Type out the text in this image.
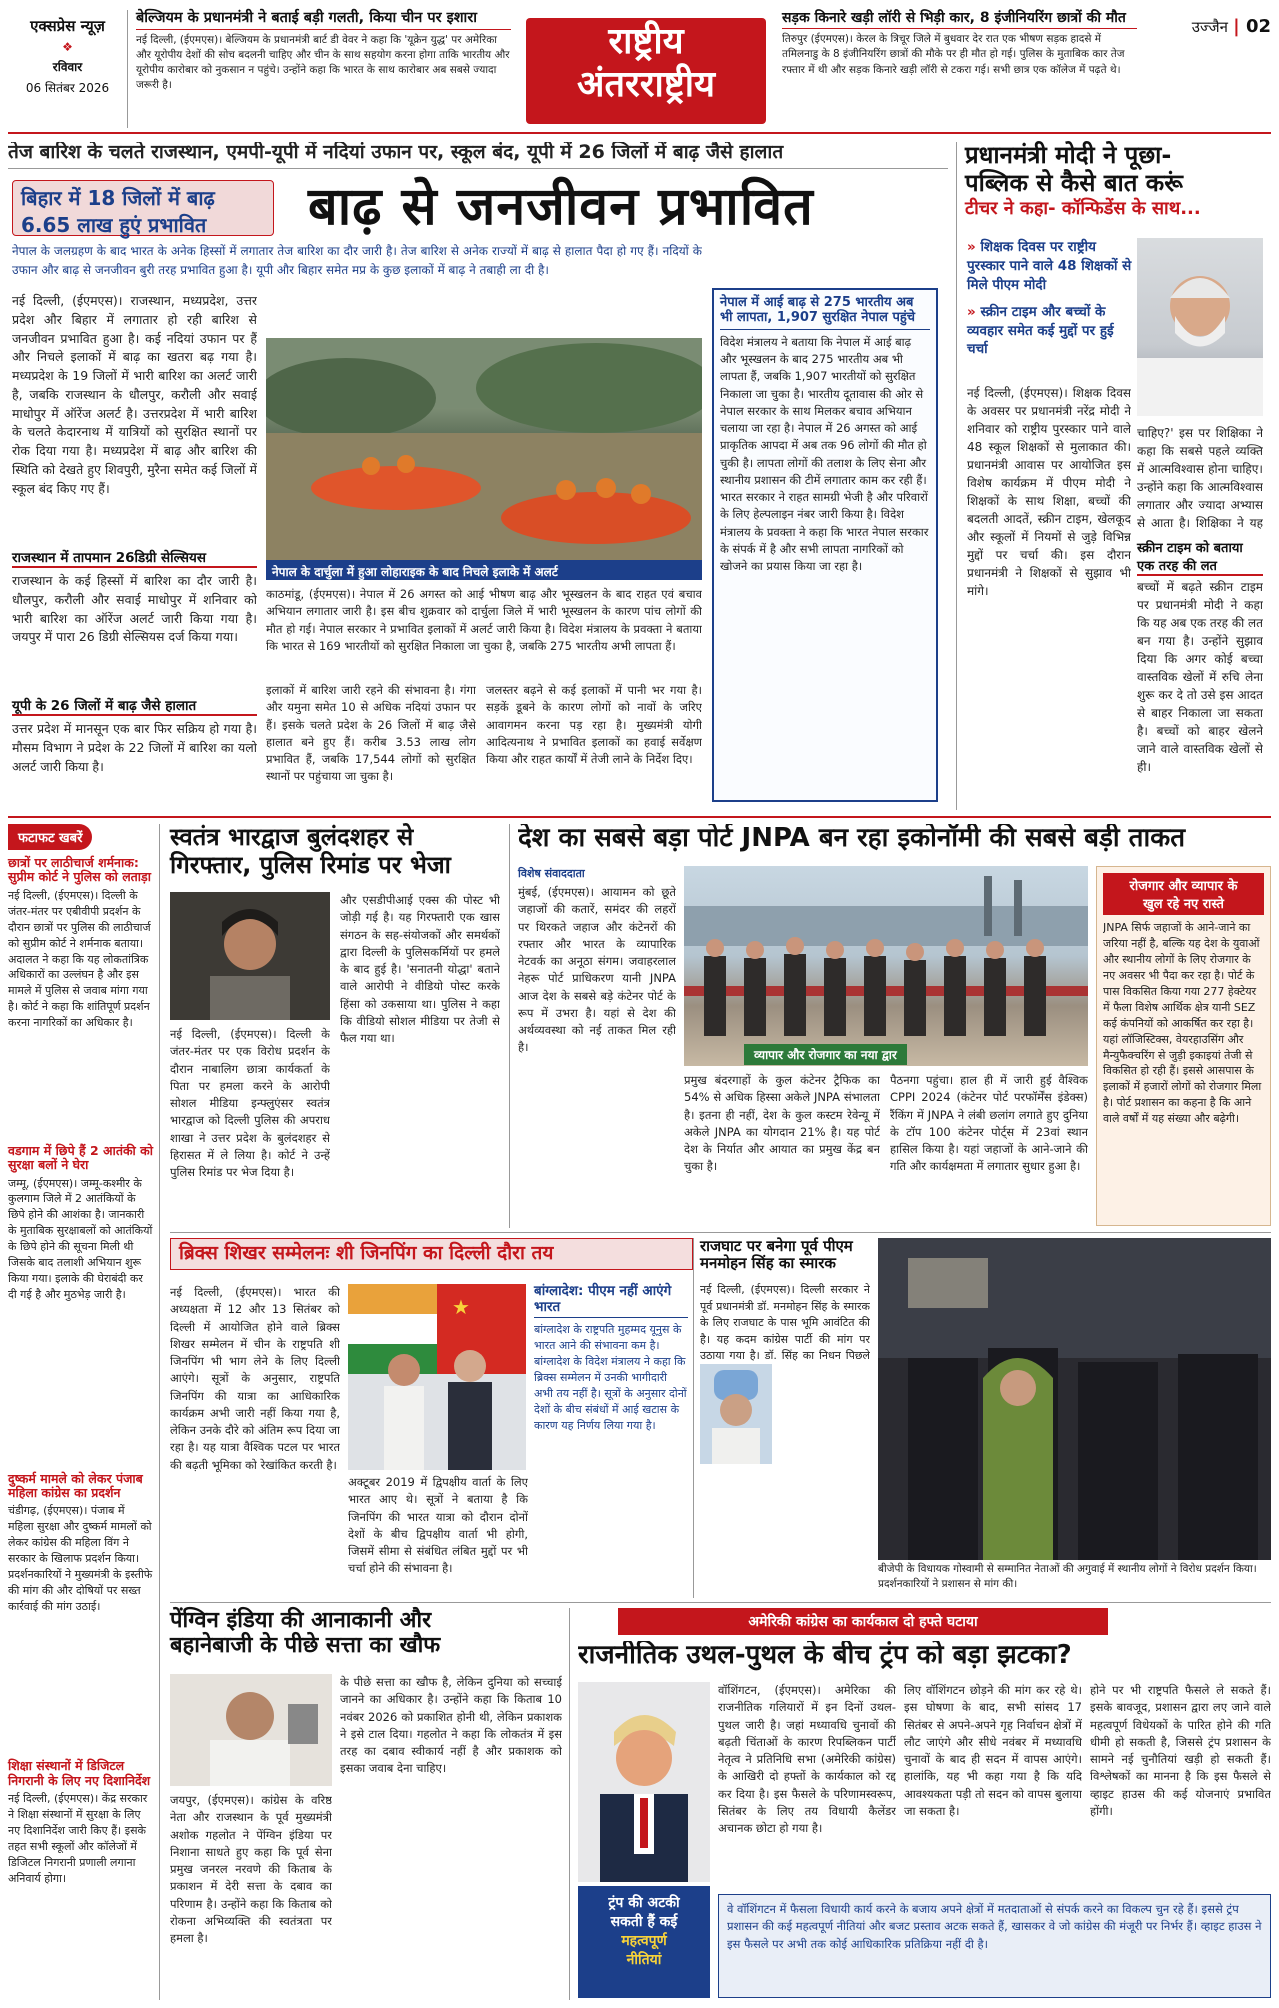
एक्सप्रेस न्यूज़
❖
रविवार
06 सितंबर 2026
बेल्जियम के प्रधानमंत्री ने बताई बड़ी गलती, किया चीन पर इशारा
नई दिल्ली, (ईएमएस)। बेल्जियम के प्रधानमंत्री बार्ट डी वेवर ने कहा कि 'यूक्रेन युद्ध' पर अमेरिका और यूरोपीय देशों की सोच बदलनी चाहिए और चीन के साथ सहयोग करना होगा ताकि भारतीय और यूरोपीय कारोबार को नुकसान न पहुंचे। उन्होंने कहा कि भारत के साथ कारोबार अब सबसे ज्यादा जरूरी है।
राष्ट्रीय
अंतरराष्ट्रीय
सड़क किनारे खड़ी लॉरी से भिड़ी कार, 8 इंजीनियरिंग छात्रों की मौत
तिरुपुर (ईएमएस)। केरल के त्रिचूर जिले में बुधवार देर रात एक भीषण सड़क हादसे में तमिलनाडु के 8 इंजीनियरिंग छात्रों की मौके पर ही मौत हो गई। पुलिस के मुताबिक कार तेज रफ्तार में थी और सड़क किनारे खड़ी लॉरी से टकरा गई। सभी छात्र एक कॉलेज में पढ़ते थे।
उज्जैन | 02
तेज बारिश के चलते राजस्थान, एमपी-यूपी में नदियां उफान पर, स्कूल बंद, यूपी में 26 जिलों में बाढ़ जैसे हालात
बिहार में 18 जिलों में बाढ़
6.65 लाख हुएं प्रभावित	बाढ़ से जनजीवन प्रभावित
नेपाल के जलग्रहण के बाद भारत के अनेक हिस्सों में लगातार तेज बारिश का दौर जारी है। तेज बारिश से अनेक राज्यों में बाढ़ से हालात पैदा हो गए हैं। नदियों के उफान और बाढ़ से जनजीवन बुरी तरह प्रभावित हुआ है। यूपी और बिहार समेत मप्र के कुछ इलाकों में बाढ़ ने तबाही ला दी है।
नई दिल्ली, (ईएमएस)। राजस्थान, मध्यप्रदेश, उत्तर प्रदेश और बिहार में लगातार हो रही बारिश से जनजीवन प्रभावित हुआ है। कई नदियां उफान पर हैं और निचले इलाकों में बाढ़ का खतरा बढ़ गया है। मध्यप्रदेश के 19 जिलों में भारी बारिश का अलर्ट जारी है, जबकि राजस्थान के धौलपुर, करौली और सवाई माधोपुर में ऑरेंज अलर्ट है। उत्तरप्रदेश में भारी बारिश के चलते केदारनाथ में यात्रियों को सुरक्षित स्थानों पर रोक दिया गया है। मध्यप्रदेश में बाढ़ और बारिश की स्थिति को देखते हुए शिवपुरी, मुरैना समेत कई जिलों में स्कूल बंद किए गए हैं।
राजस्थान में तापमान 26डिग्री सेल्सियस
राजस्थान के कई हिस्सों में बारिश का दौर जारी है। धौलपुर, करौली और सवाई माधोपुर में शनिवार को भारी बारिश का ऑरेंज अलर्ट जारी किया गया है। जयपुर में पारा 26 डिग्री सेल्सियस दर्ज किया गया।
यूपी के 26 जिलों में बाढ़ जैसे हालात
उत्तर प्रदेश में मानसून एक बार फिर सक्रिय हो गया है। मौसम विभाग ने प्रदेश के 22 जिलों में बारिश का यलो अलर्ट जारी किया है।
नेपाल के दार्चुला में हुआ लोहाराइक के बाद निचले इलाके में अलर्ट
काठमांडू, (ईएमएस)। नेपाल में 26 अगस्त को आई भीषण बाढ़ और भूस्खलन के बाद राहत एवं बचाव अभियान लगातार जारी है। इस बीच शुक्रवार को दार्चुला जिले में भारी भूस्खलन के कारण पांच लोगों की मौत हो गई। नेपाल सरकार ने प्रभावित इलाकों में अलर्ट जारी किया है। विदेश मंत्रालय के प्रवक्ता ने बताया कि भारत से 169 भारतीयों को सुरक्षित निकाला जा चुका है, जबकि 275 भारतीय अभी लापता हैं।
इलाकों में बारिश जारी रहने की संभावना है। गंगा और यमुना समेत 10 से अधिक नदियां उफान पर हैं। इसके चलते प्रदेश के 26 जिलों में बाढ़ जैसे हालात बने हुए हैं। करीब 3.53 लाख लोग प्रभावित हैं, जबकि 17,544 लोगों को सुरक्षित स्थानों पर पहुंचाया जा चुका है।
जलस्तर बढ़ने से कई इलाकों में पानी भर गया है। सड़कें डूबने के कारण लोगों को नावों के जरिए आवागमन करना पड़ रहा है। मुख्यमंत्री योगी आदित्यनाथ ने प्रभावित इलाकों का हवाई सर्वेक्षण किया और राहत कार्यों में तेजी लाने के निर्देश दिए।
नेपाल में आई बाढ़ से 275 भारतीय अब भी लापता, 1,907 सुरक्षित नेपाल पहुंचे
विदेश मंत्रालय ने बताया कि नेपाल में आई बाढ़ और भूस्खलन के बाद 275 भारतीय अब भी लापता हैं, जबकि 1,907 भारतीयों को सुरक्षित निकाला जा चुका है। भारतीय दूतावास की ओर से नेपाल सरकार के साथ मिलकर बचाव अभियान चलाया जा रहा है। नेपाल में 26 अगस्त को आई प्राकृतिक आपदा में अब तक 96 लोगों की मौत हो चुकी है। लापता लोगों की तलाश के लिए सेना और स्थानीय प्रशासन की टीमें लगातार काम कर रही हैं। भारत सरकार ने राहत सामग्री भेजी है और परिवारों के लिए हेल्पलाइन नंबर जारी किया है। विदेश मंत्रालय के प्रवक्ता ने कहा कि भारत नेपाल सरकार के संपर्क में है और सभी लापता नागरिकों को खोजने का प्रयास किया जा रहा है।
प्रधानमंत्री मोदी ने पूछा-
पब्लिक से कैसे बात करूं
टीचर ने कहा- कॉन्फिडेंस के साथ...
» शिक्षक दिवस पर राष्ट्रीय पुरस्कार पाने वाले 48 शिक्षकों से मिले पीएम मोदी
» स्क्रीन टाइम और बच्चों के व्यवहार समेत कई मुद्दों पर हुई चर्चा
नई दिल्ली, (ईएमएस)। शिक्षक दिवस के अवसर पर प्रधानमंत्री नरेंद्र मोदी ने शनिवार को राष्ट्रीय पुरस्कार पाने वाले 48 स्कूल शिक्षकों से मुलाकात की। प्रधानमंत्री आवास पर आयोजित इस विशेष कार्यक्रम में पीएम मोदी ने शिक्षकों के साथ शिक्षा, बच्चों की बदलती आदतें, स्क्रीन टाइम, खेलकूद और स्कूलों में नियमों से जुड़े विभिन्न मुद्दों पर चर्चा की। इस दौरान प्रधानमंत्री ने शिक्षकों से सुझाव भी मांगे।
चाहिए?' इस पर शिक्षिका ने कहा कि सबसे पहले व्यक्ति में आत्मविश्वास होना चाहिए। उन्होंने कहा कि आत्मविश्वास लगातार और ज्यादा अभ्यास से आता है। शिक्षिका ने यह
स्क्रीन टाइम को बताया एक तरह की लत
बच्चों में बढ़ते स्क्रीन टाइम पर प्रधानमंत्री मोदी ने कहा कि यह अब एक तरह की लत बन गया है। उन्होंने सुझाव दिया कि अगर कोई बच्चा वास्तविक खेलों में रुचि लेना शुरू कर दे तो उसे इस आदत से बाहर निकाला जा सकता है। बच्चों को बाहर खेलने जाने वाले वास्तविक खेलों से ही।
फटाफट खबरें
छात्रों पर लाठीचार्ज शर्मनाक: सुप्रीम कोर्ट ने पुलिस को लताड़ा
नई दिल्ली, (ईएमएस)। दिल्ली के जंतर-मंतर पर एबीवीपी प्रदर्शन के दौरान छात्रों पर पुलिस की लाठीचार्ज को सुप्रीम कोर्ट ने शर्मनाक बताया। अदालत ने कहा कि यह लोकतांत्रिक अधिकारों का उल्लंघन है और इस मामले में पुलिस से जवाब मांगा गया है। कोर्ट ने कहा कि शांतिपूर्ण प्रदर्शन करना नागरिकों का अधिकार है।
वडगाम में छिपे हैं 2 आतंकी को सुरक्षा बलों ने घेरा
जम्मू, (ईएमएस)। जम्मू-कश्मीर के कुलगाम जिले में 2 आतंकियों के छिपे होने की आशंका है। जानकारी के मुताबिक सुरक्षाबलों को आतंकियों के छिपे होने की सूचना मिली थी जिसके बाद तलाशी अभियान शुरू किया गया। इलाके की घेराबंदी कर दी गई है और मुठभेड़ जारी है।
दुष्कर्म मामले को लेकर पंजाब महिला कांग्रेस का प्रदर्शन
चंडीगढ़, (ईएमएस)। पंजाब में महिला सुरक्षा और दुष्कर्म मामलों को लेकर कांग्रेस की महिला विंग ने सरकार के खिलाफ प्रदर्शन किया। प्रदर्शनकारियों ने मुख्यमंत्री के इस्तीफे की मांग की और दोषियों पर सख्त कार्रवाई की मांग उठाई।
शिक्षा संस्थानों में डिजिटल निगरानी के लिए नए दिशानिर्देश
नई दिल्ली, (ईएमएस)। केंद्र सरकार ने शिक्षा संस्थानों में सुरक्षा के लिए नए दिशानिर्देश जारी किए हैं। इसके तहत सभी स्कूलों और कॉलेजों में डिजिटल निगरानी प्रणाली लगाना अनिवार्य होगा।
स्वतंत्र भारद्वाज बुलंदशहर से गिरफ्तार, पुलिस रिमांड पर भेजा
नई दिल्ली, (ईएमएस)। दिल्ली के जंतर-मंतर पर एक विरोध प्रदर्शन के दौरान नाबालिग छात्रा कार्यकर्ता के पिता पर हमला करने के आरोपी सोशल मीडिया इन्फ्लुएंसर स्वतंत्र भारद्वाज को दिल्ली पुलिस की अपराध शाखा ने उत्तर प्रदेश के बुलंदशहर से हिरासत में ले लिया है। कोर्ट ने उन्हें पुलिस रिमांड पर भेज दिया है।
और एसडीपीआई एक्स की पोस्ट भी जोड़ी गई है। यह गिरफ्तारी एक खास संगठन के सह-संयोजकों और समर्थकों द्वारा दिल्ली के पुलिसकर्मियों पर हमले के बाद हुई है। 'सनातनी योद्धा' बताने वाले आरोपी ने वीडियो पोस्ट करके हिंसा को उकसाया था। पुलिस ने कहा कि वीडियो सोशल मीडिया पर तेजी से फैल गया था।
देश का सबसे बड़ा पोर्ट JNPA बन रहा इकोनॉमी की सबसे बड़ी ताकत
विशेष संवाददाता
मुंबई, (ईएमएस)। आयामन को छूते जहाजों की कतारें, समंदर की लहरों पर थिरकते जहाज और कंटेनरों की रफ्तार और भारत के व्यापारिक नेटवर्क का अनूठा संगम। जवाहरलाल नेहरू पोर्ट प्राधिकरण यानी JNPA आज देश के सबसे बड़े कंटेनर पोर्ट के रूप में उभरा है। यहां से देश की अर्थव्यवस्था को नई ताकत मिल रही है।
व्यापार और रोजगार का नया द्वार
प्रमुख बंदरगाहों के कुल कंटेनर ट्रैफिक का 54% से अधिक हिस्सा अकेले JNPA संभालता है। इतना ही नहीं, देश के कुल कस्टम रेवेन्यू में अकेले JNPA का योगदान 21% है। यह पोर्ट देश के निर्यात और आयात का प्रमुख केंद्र बन चुका है।
पैठनगा पहुंचा। हाल ही में जारी हुई वैश्विक CPPI 2024 (कंटेनर पोर्ट परफॉर्मेंस इंडेक्स) रैंकिंग में JNPA ने लंबी छलांग लगाते हुए दुनिया के टॉप 100 कंटेनर पोर्ट्स में 23वां स्थान हासिल किया है। यहां जहाजों के आने-जाने की गति और कार्यक्षमता में लगातार सुधार हुआ है।
रोजगार और व्यापार के
खुल रहे नए रास्ते
JNPA सिर्फ जहाजों के आने-जाने का जरिया नहीं है, बल्कि यह देश के युवाओं और स्थानीय लोगों के लिए रोजगार के नए अवसर भी पैदा कर रहा है। पोर्ट के पास विकसित किया गया 277 हेक्टेयर में फैला विशेष आर्थिक क्षेत्र यानी SEZ कई कंपनियों को आकर्षित कर रहा है। यहां लॉजिस्टिक्स, वेयरहाउसिंग और मैन्युफैक्चरिंग से जुड़ी इकाइयां तेजी से विकसित हो रही हैं। इससे आसपास के इलाकों में हजारों लोगों को रोजगार मिला है। पोर्ट प्रशासन का कहना है कि आने वाले वर्षों में यह संख्या और बढ़ेगी।
ब्रिक्स शिखर सम्मेलनः शी जिनपिंग का दिल्ली दौरा तय
नई दिल्ली, (ईएमएस)। भारत की अध्यक्षता में 12 और 13 सितंबर को दिल्ली में आयोजित होने वाले ब्रिक्स शिखर सम्मेलन में चीन के राष्ट्रपति शी जिनपिंग भी भाग लेने के लिए दिल्ली आएंगे। सूत्रों के अनुसार, राष्ट्रपति जिनपिंग की यात्रा का आधिकारिक कार्यक्रम अभी जारी नहीं किया गया है, लेकिन उनके दौरे को अंतिम रूप दिया जा रहा है। यह यात्रा वैश्विक पटल पर भारत की बढ़ती भूमिका को रेखांकित करती है।
★
अक्टूबर 2019 में द्विपक्षीय वार्ता के लिए भारत आए थे। सूत्रों ने बताया है कि जिनपिंग की भारत यात्रा को दौरान दोनों देशों के बीच द्विपक्षीय वार्ता भी होगी, जिसमें सीमा से संबंधित लंबित मुद्दों पर भी चर्चा होने की संभावना है।
बांग्लादेश: पीएम नहीं आएंगे भारत
बांग्लादेश के राष्ट्रपति मुहम्मद यूनुस के भारत आने की संभावना कम है। बांग्लादेश के विदेश मंत्रालय ने कहा कि ब्रिक्स सम्मेलन में उनकी भागीदारी अभी तय नहीं है। सूत्रों के अनुसार दोनों देशों के बीच संबंधों में आई खटास के कारण यह निर्णय लिया गया है।
राजघाट पर बनेगा पूर्व पीएम मनमोहन सिंह का स्मारक
नई दिल्ली, (ईएमएस)। दिल्ली सरकार ने पूर्व प्रधानमंत्री डॉ. मनमोहन सिंह के स्मारक के लिए राजघाट के पास भूमि आवंटित की है। यह कदम कांग्रेस पार्टी की मांग पर उठाया गया है। डॉ. सिंह का निधन पिछले
बीजेपी के विधायक गोस्वामी से सम्मानित नेताओं की अगुवाई में स्थानीय लोगों ने विरोध प्रदर्शन किया। प्रदर्शनकारियों ने प्रशासन से मांग की।
पेंग्विन इंडिया की आनाकानी और
बहानेबाजी के पीछे सत्ता का खौफ
जयपुर, (ईएमएस)। कांग्रेस के वरिष्ठ नेता और राजस्थान के पूर्व मुख्यमंत्री अशोक गहलोत ने पेंग्विन इंडिया पर निशाना साधते हुए कहा कि पूर्व सेना प्रमुख जनरल नरवणे की किताब के प्रकाशन में देरी सत्ता के दबाव का परिणाम है। उन्होंने कहा कि किताब को रोकना अभिव्यक्ति की स्वतंत्रता पर हमला है।
के पीछे सत्ता का खौफ है, लेकिन दुनिया को सच्चाई जानने का अधिकार है। उन्होंने कहा कि किताब 10 नवंबर 2026 को प्रकाशित होनी थी, लेकिन प्रकाशक ने इसे टाल दिया। गहलोत ने कहा कि लोकतंत्र में इस तरह का दबाव स्वीकार्य नहीं है और प्रकाशक को इसका जवाब देना चाहिए।
अमेरिकी कांग्रेस का कार्यकाल दो हफ्ते घटाया
राजनीतिक उथल-पुथल के बीच ट्रंप को बड़ा झटका?
ट्रंप की अटकी
सकती हैं कई
महत्वपूर्ण
नीतियां
वॉशिंगटन, (ईएमएस)। अमेरिका की राजनीतिक गलियारों में इन दिनों उथल-पुथल जारी है। जहां मध्यावधि चुनावों की बढ़ती चिंताओं के कारण रिपब्लिकन पार्टी नेतृत्व ने प्रतिनिधि सभा (अमेरिकी कांग्रेस) के आखिरी दो हफ्तों के कार्यकाल को रद्द कर दिया है। इस फैसले के परिणामस्वरूप, सितंबर के लिए तय विधायी कैलेंडर अचानक छोटा हो गया है।
लिए वॉशिंगटन छोड़ने की मांग कर रहे थे। इस घोषणा के बाद, सभी सांसद 17 सितंबर से अपने-अपने गृह निर्वाचन क्षेत्रों में लौट जाएंगे और सीधे नवंबर में मध्यावधि चुनावों के बाद ही सदन में वापस आएंगे। हालांकि, यह भी कहा गया है कि यदि आवश्यकता पड़ी तो सदन को वापस बुलाया जा सकता है।
होने पर भी राष्ट्रपति फैसले ले सकते हैं। इसके बावजूद, प्रशासन द्वारा लए जाने वाले महत्वपूर्ण विधेयकों के पारित होने की गति धीमी हो सकती है, जिससे ट्रंप प्रशासन के सामने नई चुनौतियां खड़ी हो सकती हैं। विश्लेषकों का मानना है कि इस फैसले से व्हाइट हाउस की कई योजनाएं प्रभावित होंगी।
वे वॉशिंगटन में फैसला विधायी कार्य करने के बजाय अपने क्षेत्रों में मतदाताओं से संपर्क करने का विकल्प चुन रहे हैं। इससे ट्रंप प्रशासन की कई महत्वपूर्ण नीतियां और बजट प्रस्ताव अटक सकते हैं, खासकर वे जो कांग्रेस की मंजूरी पर निर्भर हैं। व्हाइट हाउस ने इस फैसले पर अभी तक कोई आधिकारिक प्रतिक्रिया नहीं दी है।
